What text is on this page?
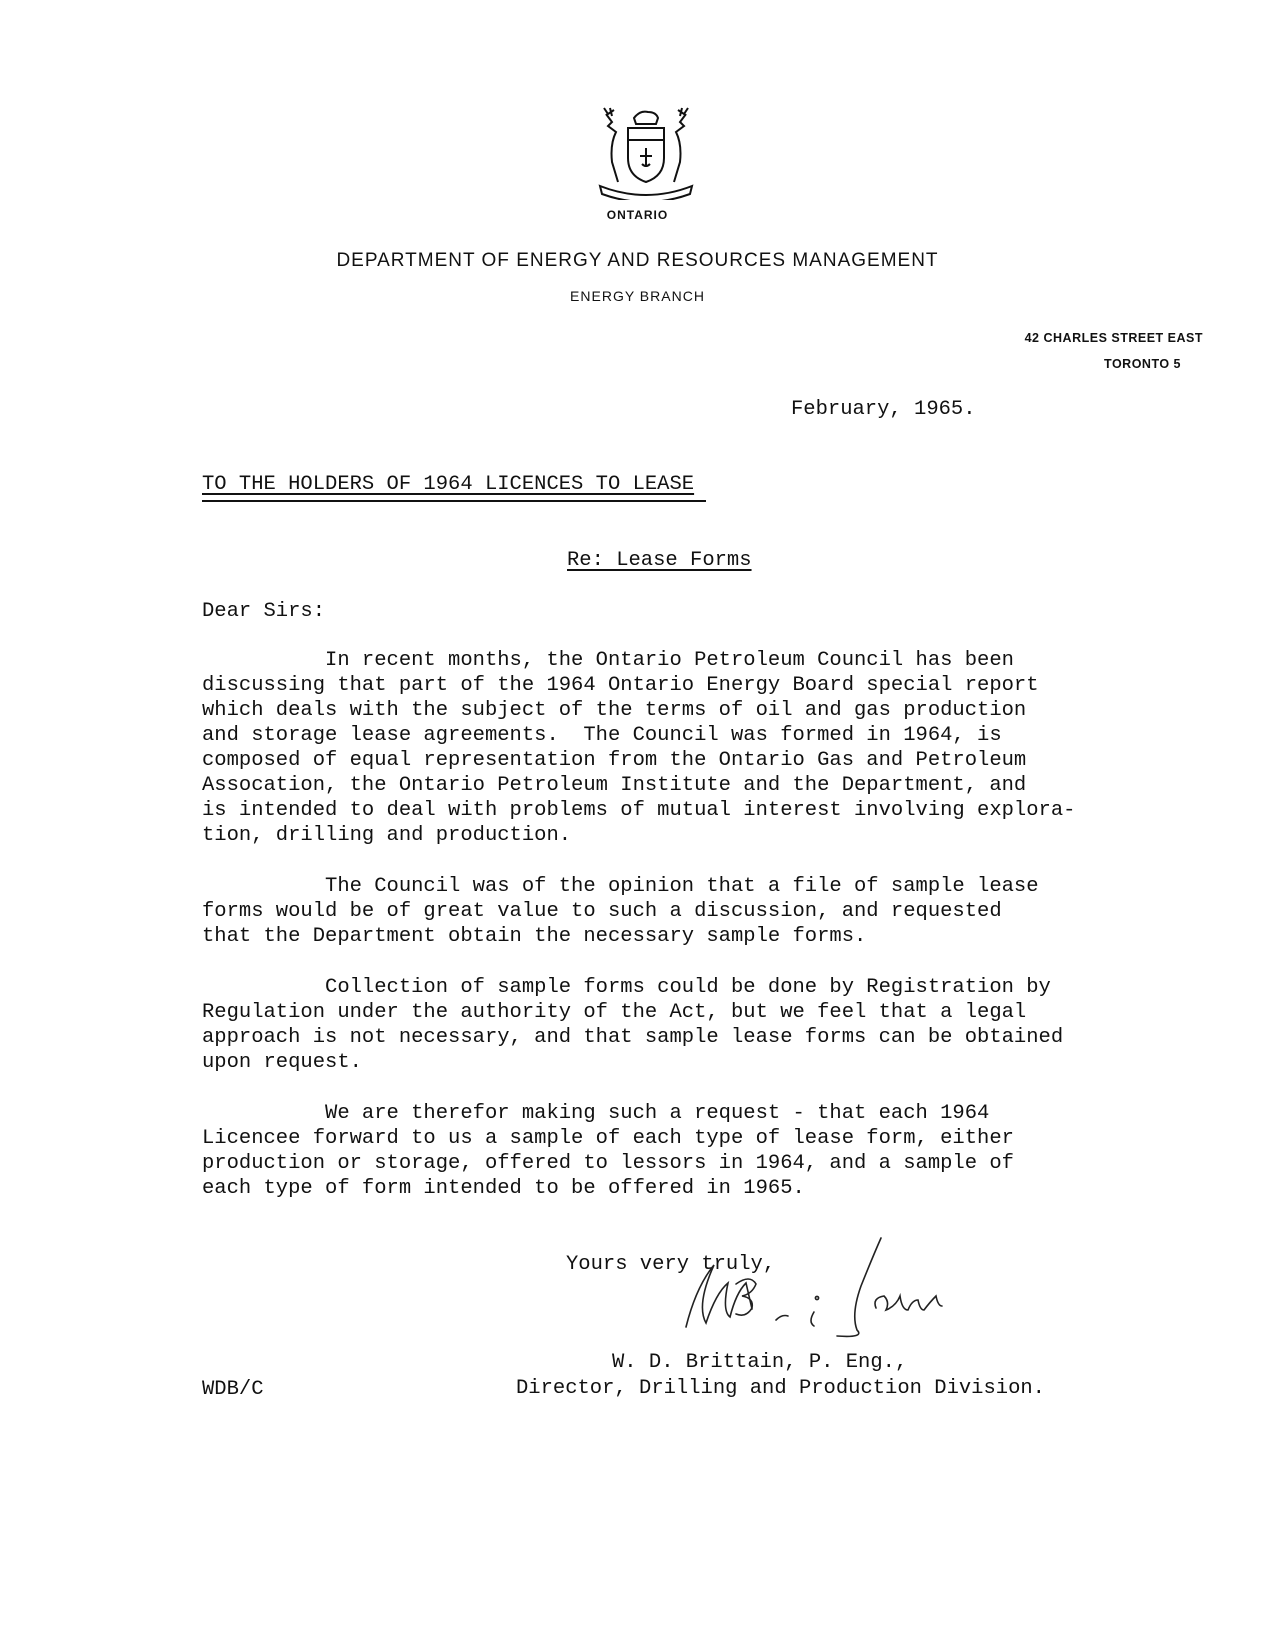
ONTARIO
DEPARTMENT OF ENERGY AND RESOURCES MANAGEMENT
ENERGY BRANCH
42 CHARLES STREET EAST
TORONTO 5
February, 1965.
TO THE HOLDERS OF 1964 LICENCES TO LEASE
Re: Lease Forms
Dear Sirs:

In recent months, the Ontario Petroleum Council has been
discussing that part of the 1964 Ontario Energy Board special report
which deals with the subject of the terms of oil and gas production
and storage lease agreements.  The Council was formed in 1964, is
composed of equal representation from the Ontario Gas and Petroleum
Assocation, the Ontario Petroleum Institute and the Department, and
is intended to deal with problems of mutual interest involving explora-
tion, drilling and production.

The Council was of the opinion that a file of sample lease
forms would be of great value to such a discussion, and requested
that the Department obtain the necessary sample forms.

Collection of sample forms could be done by Registration by
Regulation under the authority of the Act, but we feel that a legal
approach is not necessary, and that sample lease forms can be obtained
upon request.

We are therefor making such a request - that each 1964
Licencee forward to us a sample of each type of lease form, either
production or storage, offered to lessors in 1964, and a sample of
each type of form intended to be offered in 1965.

Yours very truly,
W. D. Brittain, P. Eng.,
Director, Drilling and Production Division.
WDB/C
